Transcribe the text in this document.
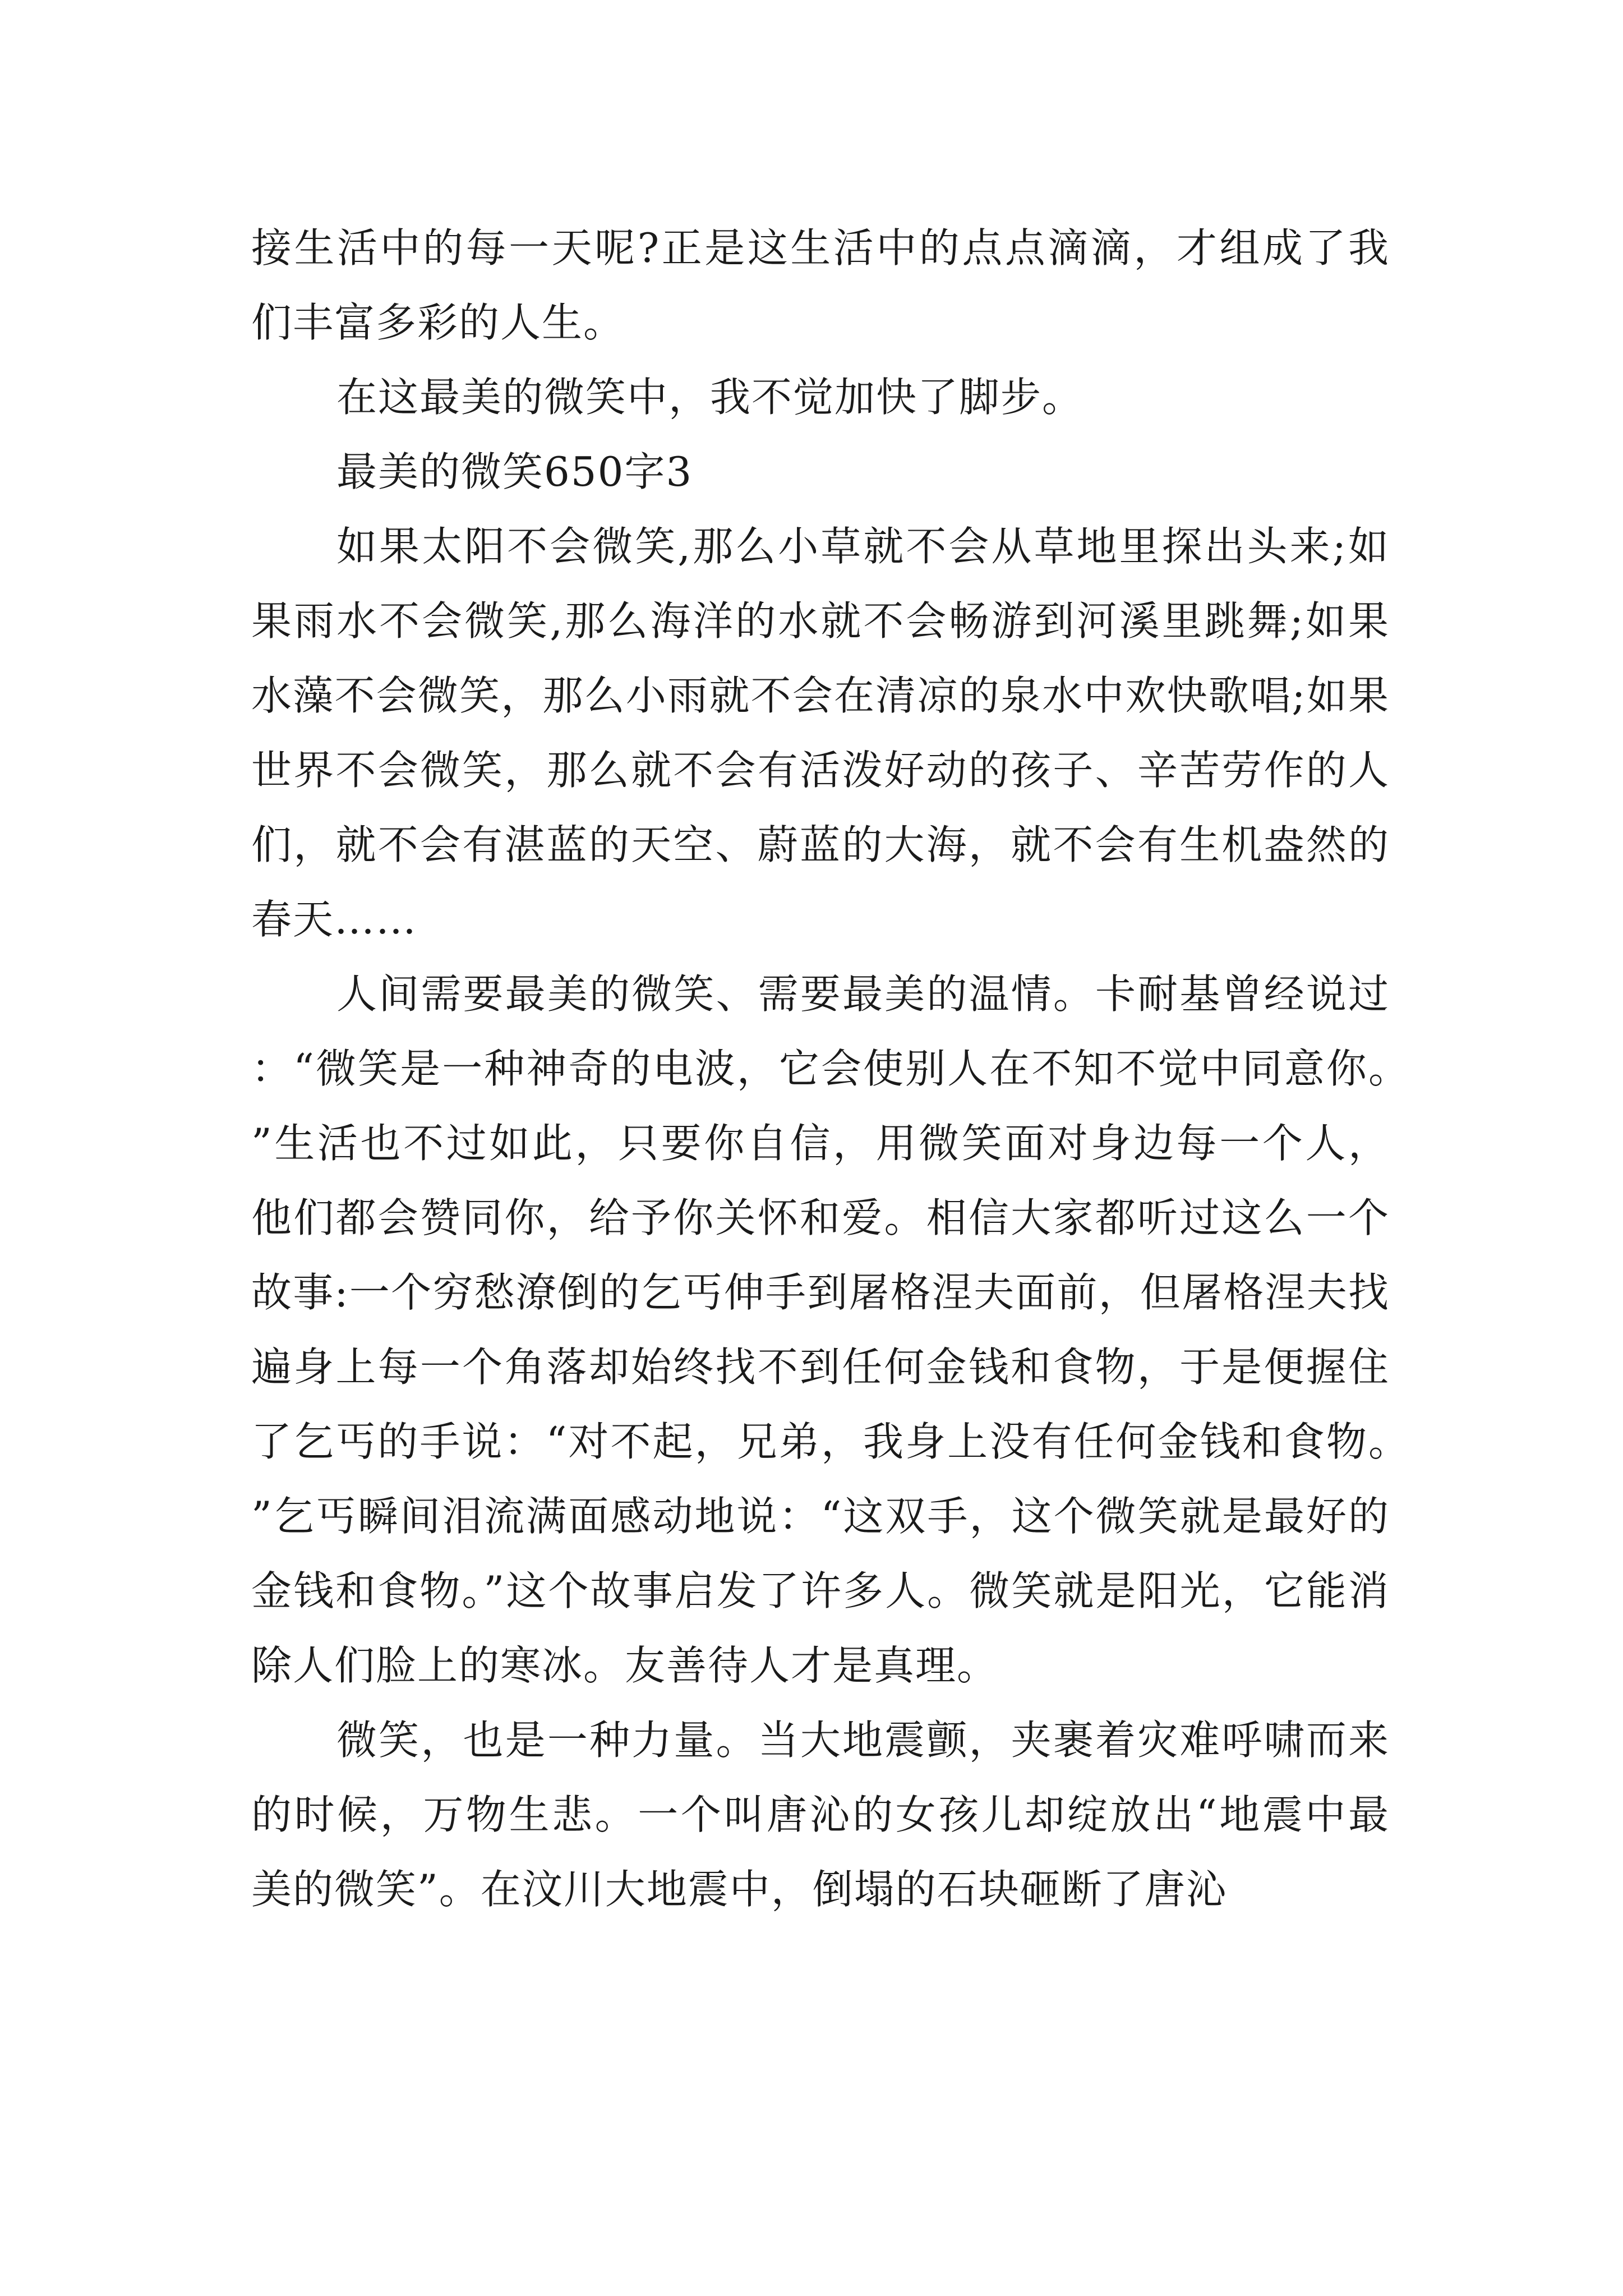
接生活中的每一天呢?正是这生活中的点点滴滴，才组成了我们丰富多彩的人生。

在这最美的微笑中，我不觉加快了脚步。

最美的微笑650字3

如果太阳不会微笑,那么小草就不会从草地里探出头来;如果雨水不会微笑,那么海洋的水就不会畅游到河溪里跳舞;如果水藻不会微笑，那么小雨就不会在清凉的泉水中欢快歌唱;如果世界不会微笑，那么就不会有活泼好动的孩子、辛苦劳作的人们，就不会有湛蓝的天空、蔚蓝的大海，就不会有生机盎然的春天……

人间需要最美的微笑、需要最美的温情。卡耐基曾经说过：“微笑是一种神奇的电波，它会使别人在不知不觉中同意你。”生活也不过如此，只要你自信，用微笑面对身边每一个人，他们都会赞同你，给予你关怀和爱。相信大家都听过这么一个故事:一个穷愁潦倒的乞丐伸手到屠格涅夫面前，但屠格涅夫找遍身上每一个角落却始终找不到任何金钱和食物，于是便握住了乞丐的手说：“对不起，兄弟，我身上没有任何金钱和食物。”乞丐瞬间泪流满面感动地说：“这双手，这个微笑就是最好的金钱和食物。”这个故事启发了许多人。微笑就是阳光，它能消除人们脸上的寒冰。友善待人才是真理。

微笑，也是一种力量。当大地震颤，夹裹着灾难呼啸而来的时候，万物生悲。一个叫唐沁的女孩儿却绽放出“地震中最美的微笑”。在汶川大地震中，倒塌的石块砸断了唐沁
